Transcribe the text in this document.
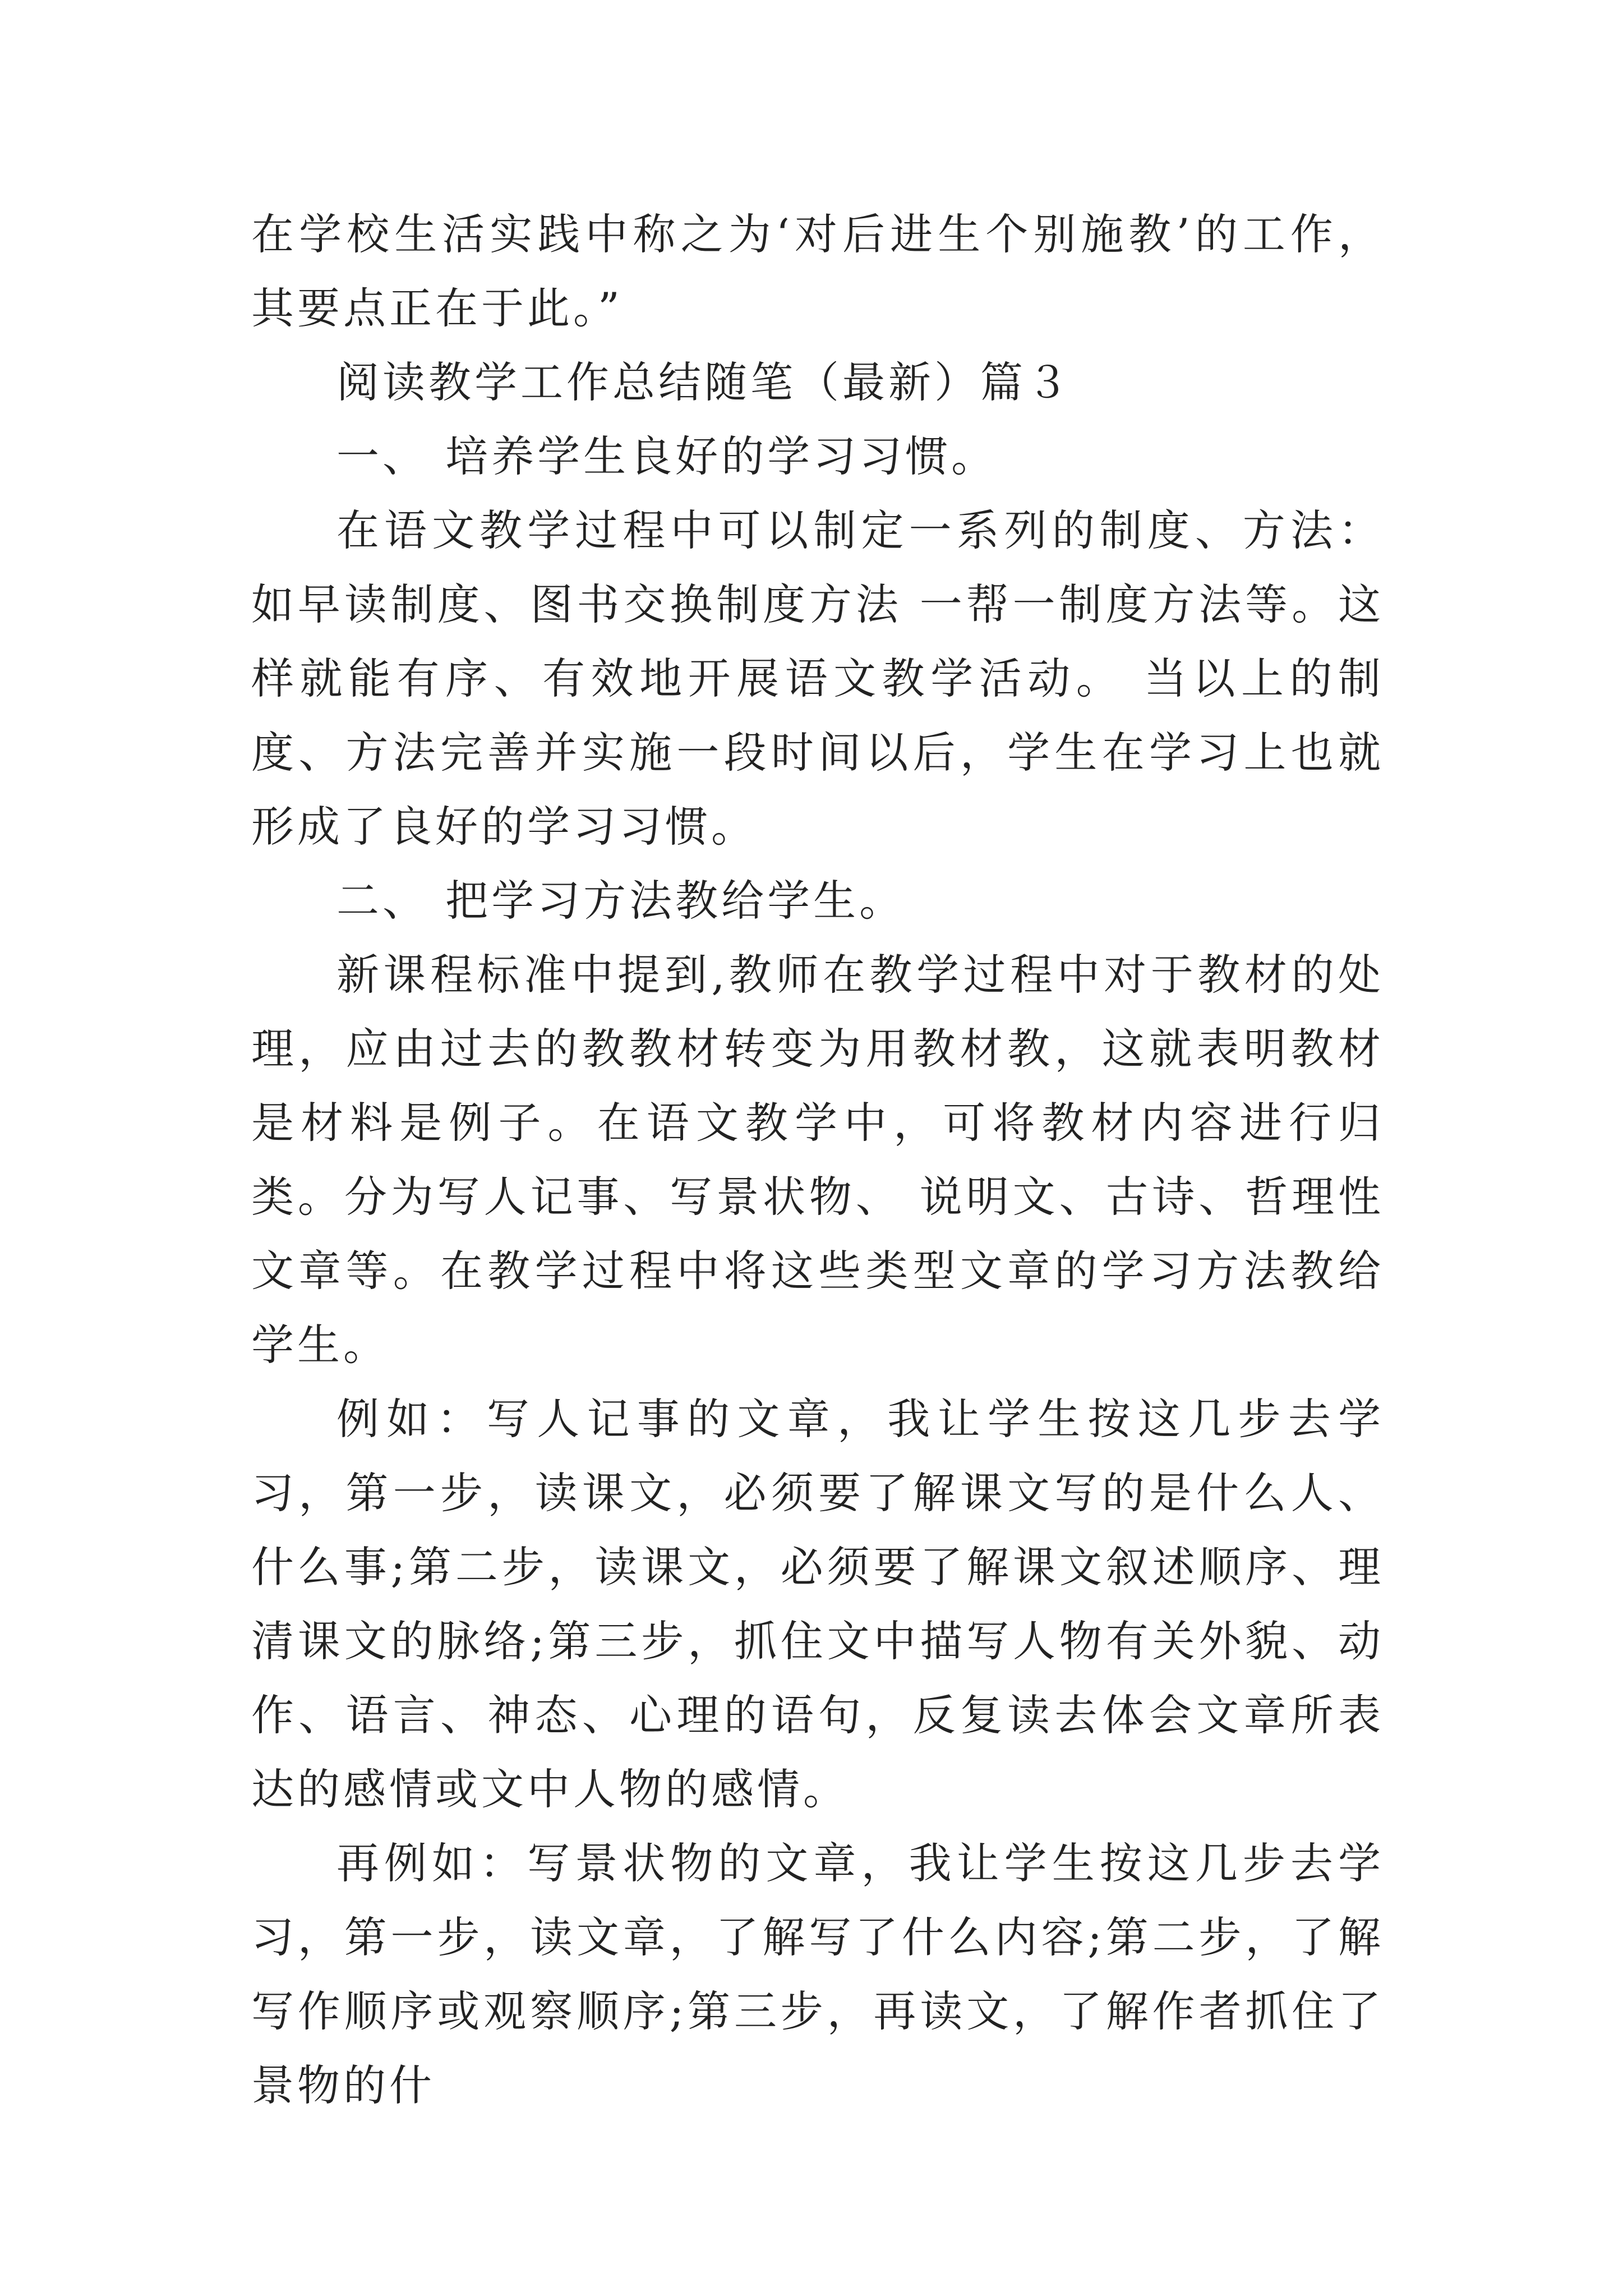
在学校生活实践中称之为‘对后进生个别施教’的工作，其要点正在于此。”

阅读教学工作总结随笔（最新）篇３

一、 培养学生良好的学习习惯。

在语文教学过程中可以制定一系列的制度、方法：如早读制度、图书交换制度方法 一帮一制度方法等。这样就能有序、有效地开展语文教学活动。 当以上的制度、方法完善并实施一段时间以后，学生在学习上也就形成了良好的学习习惯。

二、 把学习方法教给学生。

新课程标准中提到,教师在教学过程中对于教材的处理，应由过去的教教材转变为用教材教，这就表明教材是材料是例子。在语文教学中，可将教材内容进行归类。分为写人记事、写景状物、 说明文、古诗、哲理性文章等。在教学过程中将这些类型文章的学习方法教给学生。

例如：写人记事的文章，我让学生按这几步去学习，第一步，读课文，必须要了解课文写的是什么人、什么事;第二步，读课文，必须要了解课文叙述顺序、理清课文的脉络;第三步，抓住文中描写人物有关外貌、动作、语言、神态、心理的语句，反复读去体会文章所表达的感情或文中人物的感情。

再例如：写景状物的文章，我让学生按这几步去学习，第一步，读文章，了解写了什么内容;第二步，了解写作顺序或观察顺序;第三步，再读文，了解作者抓住了景物的什
